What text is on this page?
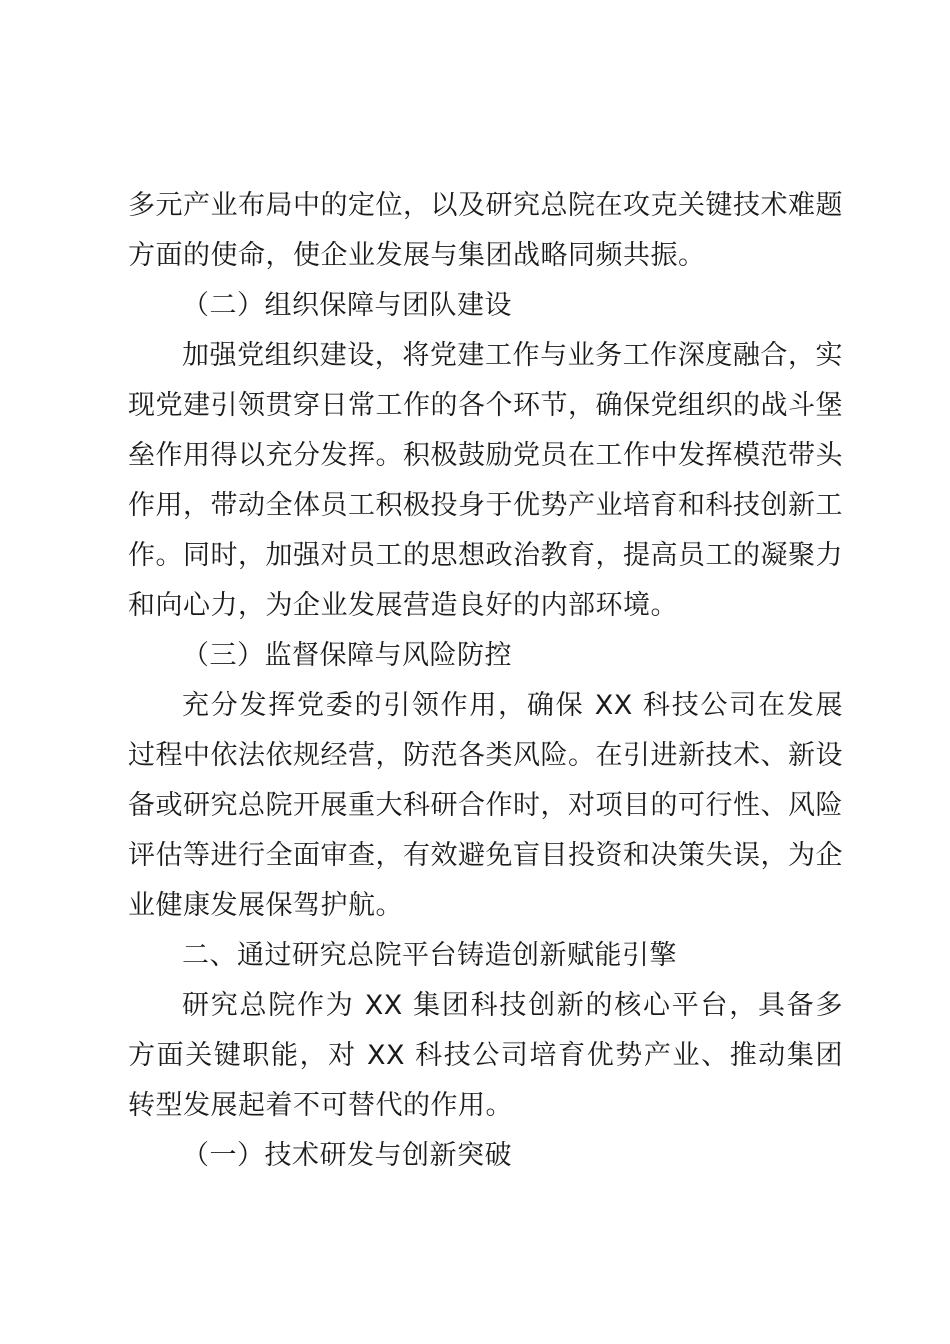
多元产业布局中的定位，以及研究总院在攻克关键技术难题方面的使命，使企业发展与集团战略同频共振。

（二）组织保障与团队建设

加强党组织建设，将党建工作与业务工作深度融合，实现党建引领贯穿日常工作的各个环节，确保党组织的战斗堡垒作用得以充分发挥。积极鼓励党员在工作中发挥模范带头作用，带动全体员工积极投身于优势产业培育和科技创新工作。同时，加强对员工的思想政治教育，提高员工的凝聚力和向心力，为企业发展营造良好的内部环境。

（三）监督保障与风险防控

充分发挥党委的引领作用，确保 XX 科技公司在发展过程中依法依规经营，防范各类风险。在引进新技术、新设备或研究总院开展重大科研合作时，对项目的可行性、风险评估等进行全面审查，有效避免盲目投资和决策失误，为企业健康发展保驾护航。

二、通过研究总院平台铸造创新赋能引擎

研究总院作为 XX 集团科技创新的核心平台，具备多方面关键职能，对 XX 科技公司培育优势产业、推动集团转型发展起着不可替代的作用。

（一）技术研发与创新突破
